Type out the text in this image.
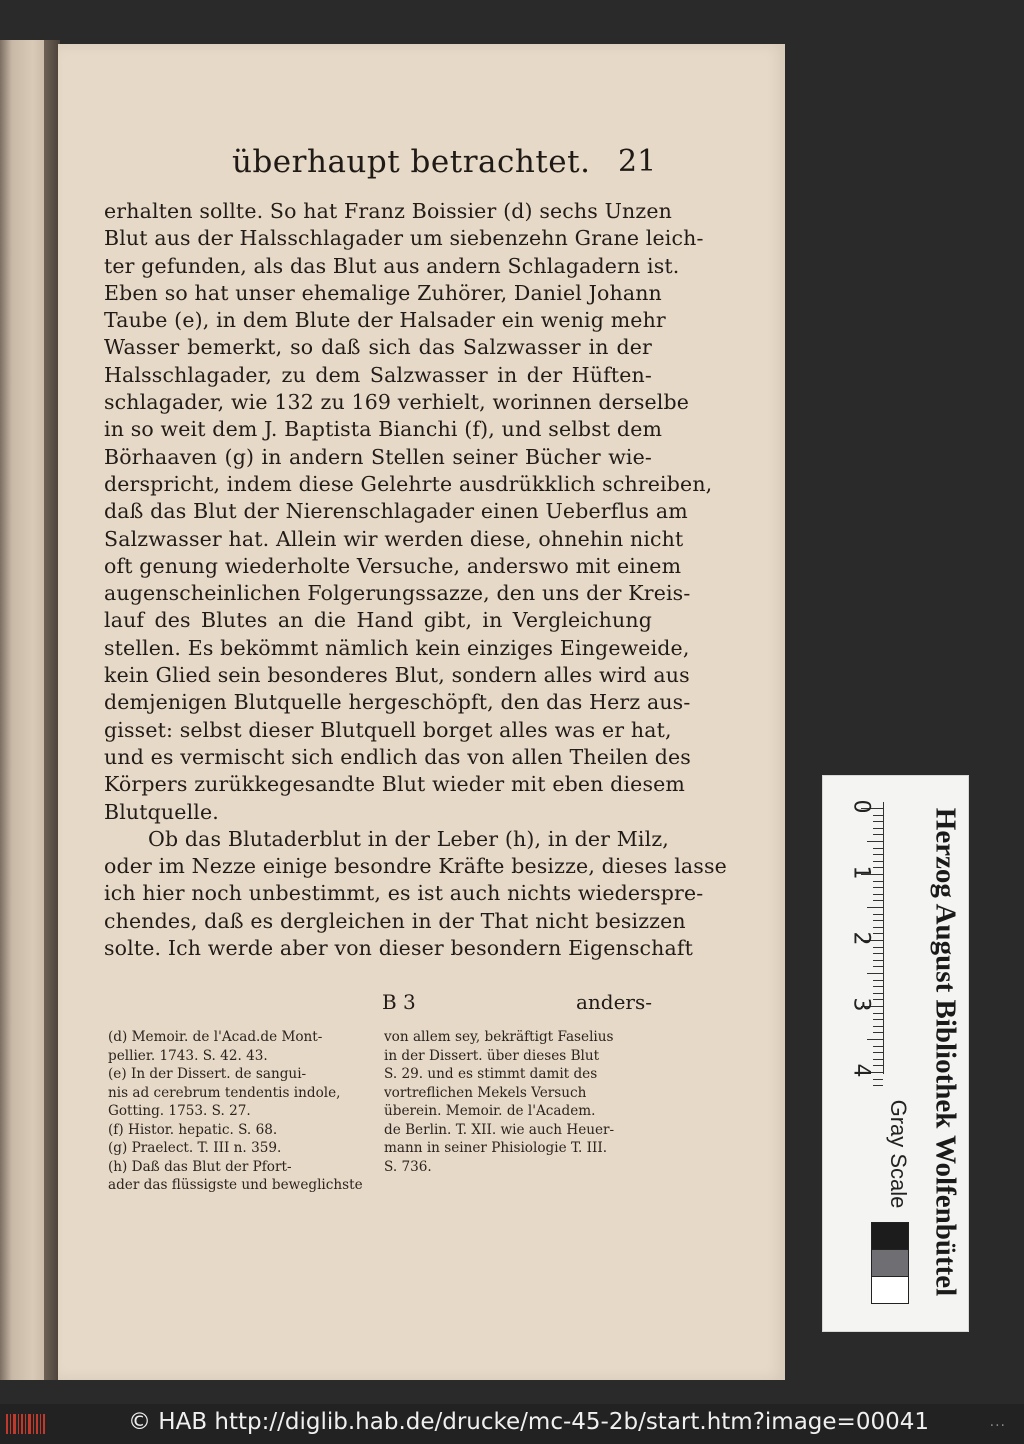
überhaupt betrachtet. 21
erhalten sollte. So hat Franz Boissier (d) sechs Unzen
Blut aus der Halsschlagader um siebenzehn Grane leich-
ter gefunden, als das Blut aus andern Schlagadern ist.
Eben so hat unser ehemalige Zuhörer, Daniel Johann
Taube (e), in dem Blute der Halsader ein wenig mehr
Wasser bemerkt, so daß sich das Salzwasser in der
Halsschlagader, zu dem Salzwasser in der Hüften-
schlagader, wie 132 zu 169 verhielt, worinnen derselbe
in so weit dem J. Baptista Bianchi (f), und selbst dem
Börhaaven (g) in andern Stellen seiner Bücher wie-
derspricht, indem diese Gelehrte ausdrükklich schreiben,
daß das Blut der Nierenschlagader einen Ueberflus am
Salzwasser hat. Allein wir werden diese, ohnehin nicht
oft genung wiederholte Versuche, anderswo mit einem
augenscheinlichen Folgerungssazze, den uns der Kreis-
lauf des Blutes an die Hand gibt, in Vergleichung
stellen. Es bekömmt nämlich kein einziges Eingeweide,
kein Glied sein besonderes Blut, sondern alles wird aus
demjenigen Blutquelle hergeschöpft, den das Herz aus-
gisset: selbst dieser Blutquell borget alles was er hat,
und es vermischt sich endlich das von allen Theilen des
Körpers zurükkegesandte Blut wieder mit eben diesem
Blutquelle.
Ob das Blutaderblut in der Leber (h), in der Milz,
oder im Nezze einige besondre Kräfte besizze, dieses lasse
ich hier noch unbestimmt, es ist auch nichts wiederspre-
chendes, daß es dergleichen in der That nicht besizzen
solte. Ich werde aber von dieser besondern Eigenschaft
B 3	anders-
(d) Memoir. de l'Acad.de Mont-
pellier. 1743. S. 42. 43.
(e) In der Dissert. de sangui-
nis ad cerebrum tendentis indole,
Gotting. 1753. S. 27.
(f) Histor. hepatic. S. 68.
(g) Praelect. T. III n. 359.
(h) Daß das Blut der Pfort-
ader das flüssigste und beweglichste
von allem sey, bekräftigt Faselius
in der Dissert. über dieses Blut
S. 29. und es stimmt damit des
vortreflichen Mekels Versuch
überein. Memoir. de l'Academ.
de Berlin. T. XII. wie auch Heuer-
mann in seiner Phisiologie T. III.
S. 736.
0
1
2
3
4
Gray Scale Herzog August Bibliothek Wolfenbüttel
© HAB http://diglib.hab.de/drucke/mc-45-2b/start.htm?image=00041	...
